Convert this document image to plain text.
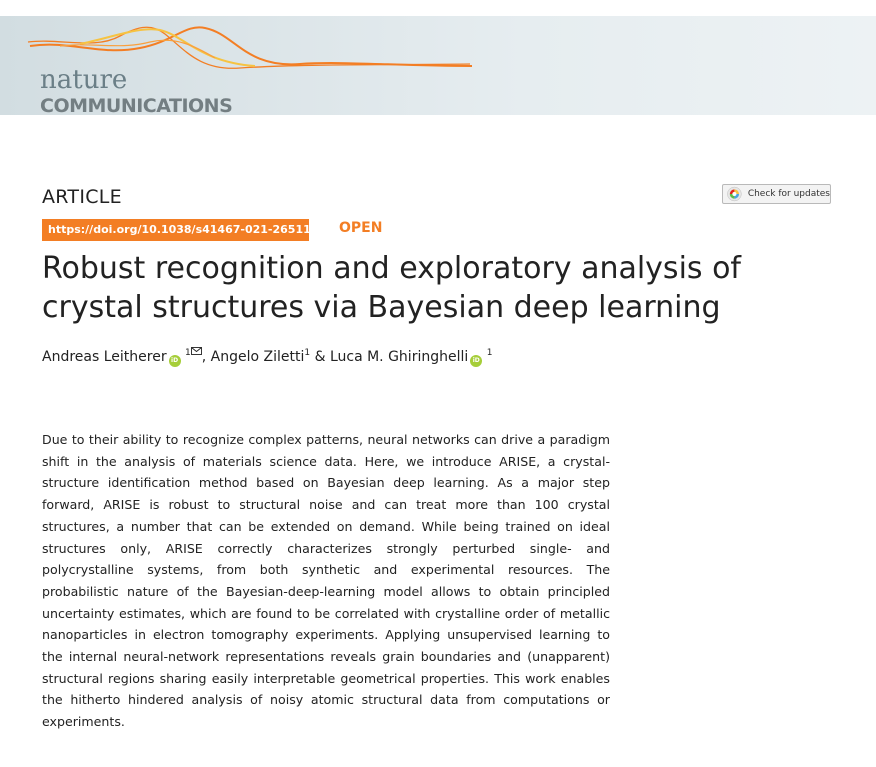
nature
COMMUNICATIONS
ARTICLE	Check for updates
https://doi.org/10.1038/s41467-021-26511-5 OPEN
Robust recognition and exploratory analysis of
crystal structures via Bayesian deep learning
Andreas Leitherer iD $^1$ , Angelo Ziletti$^1$ & Luca M. Ghiringhelli iD $^1$

Due to their ability to recognize complex patterns, neural networks can drive a paradigm shift in the analysis of materials science data. Here, we introduce ARISE, a crystal-structure identification method based on Bayesian deep learning. As a major step forward, ARISE is robust to structural noise and can treat more than 100 crystal structures, a number that can be extended on demand. While being trained on ideal structures only, ARISE correctly characterizes strongly perturbed single- and polycrystalline systems, from both synthetic and experimental resources. The probabilistic nature of the Bayesian-deep-learning model allows to obtain principled uncertainty estimates, which are found to be correlated with crystalline order of metallic nanoparticles in electron tomography experiments. Applying unsupervised learning to the internal neural-network representations reveals grain boundaries and (unapparent) structural regions sharing easily interpretable geometrical properties. This work enables the hitherto hindered analysis of noisy atomic structural data from computations or experiments.
